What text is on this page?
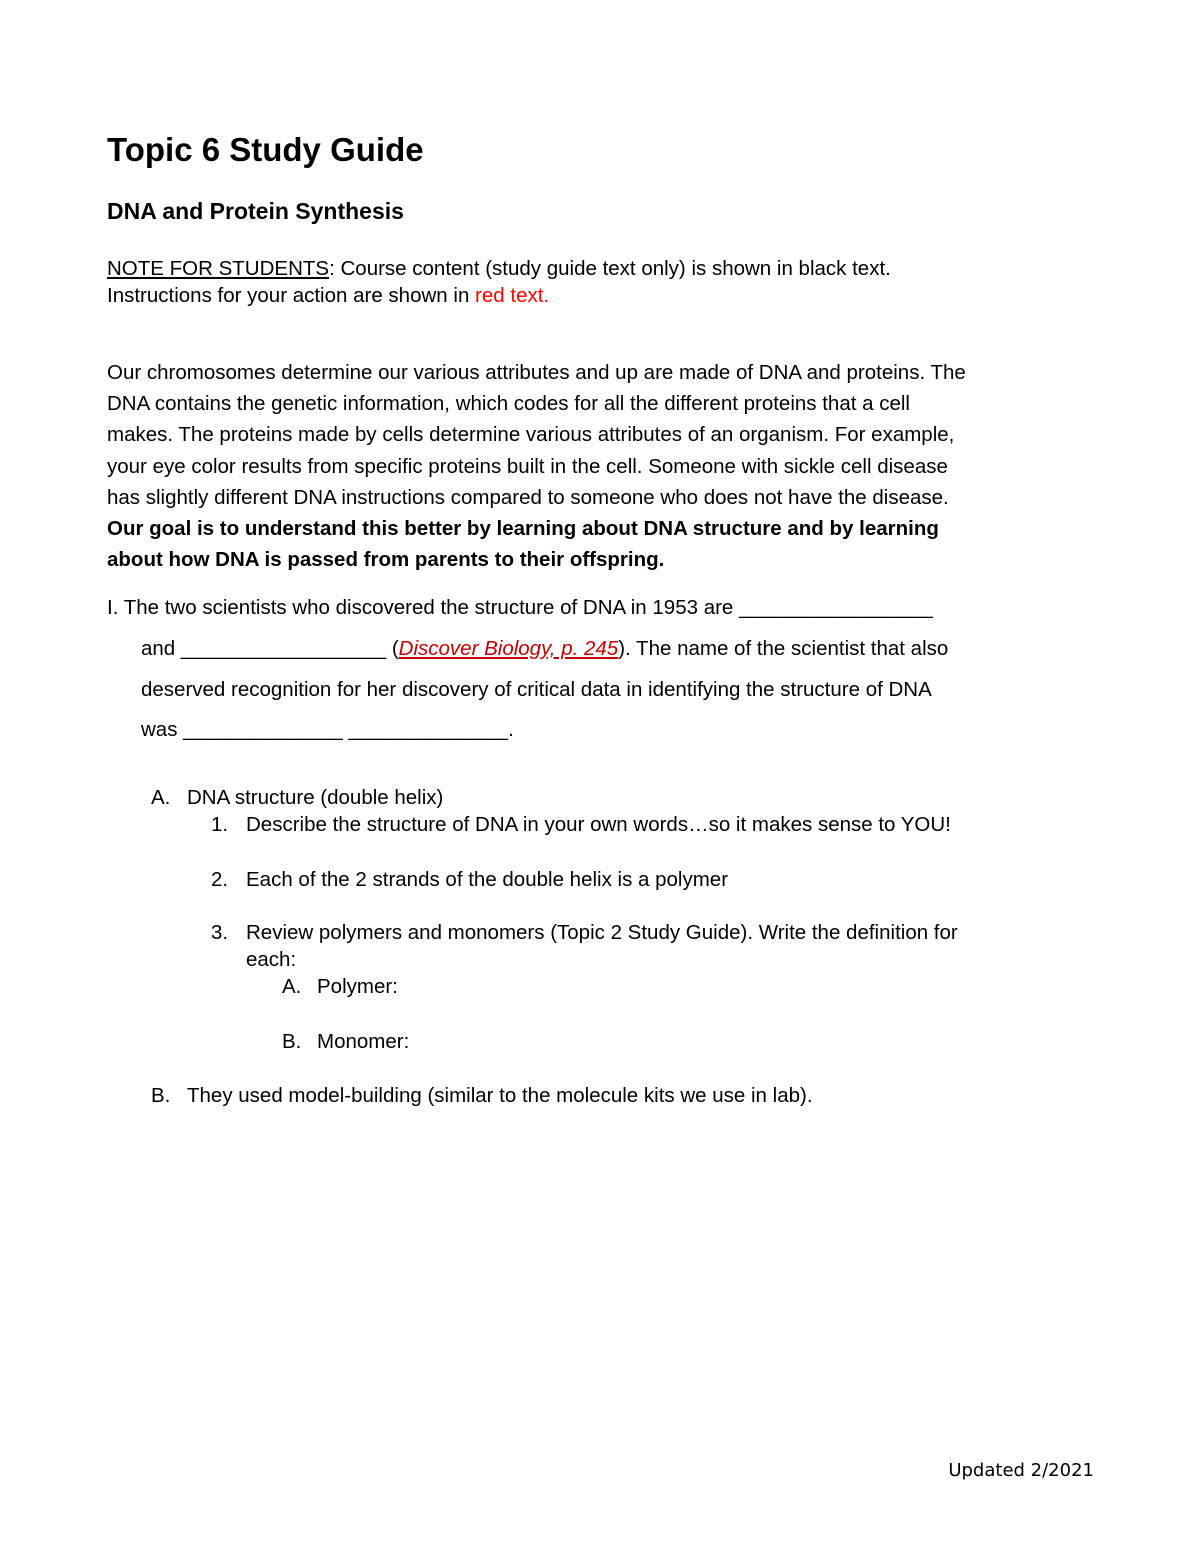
Topic 6 Study Guide
DNA and Protein Synthesis

NOTE FOR STUDENTS: Course content (study guide text only) is shown in black text.

Instructions for your action are shown in red text.

Our chromosomes determine our various attributes and up are made of DNA and proteins. The
DNA contains the genetic information, which codes for all the different proteins that a cell
makes. The proteins made by cells determine various attributes of an organism. For example,
your eye color results from specific proteins built in the cell. Someone with sickle cell disease
has slightly different DNA instructions compared to someone who does not have the disease.
Our goal is to understand this better by learning about DNA structure and by learning
about how DNA is passed from parents to their offspring.
I. The two scientists who discovered the structure of DNA in 1953 are _________________
and __________________ (Discover Biology, p. 245). The name of the scientist that also
deserved recognition for her discovery of critical data in identifying the structure of DNA
was ______________ ______________.
A. DNA structure (double helix)
1. Describe the structure of DNA in your own words…so it makes sense to YOU!
2. Each of the 2 strands of the double helix is a polymer
3. Review polymers and monomers (Topic 2 Study Guide). Write the definition for
each:
A. Polymer:
B. Monomer:
B. They used model-building (similar to the molecule kits we use in lab).
Updated 2/2021
